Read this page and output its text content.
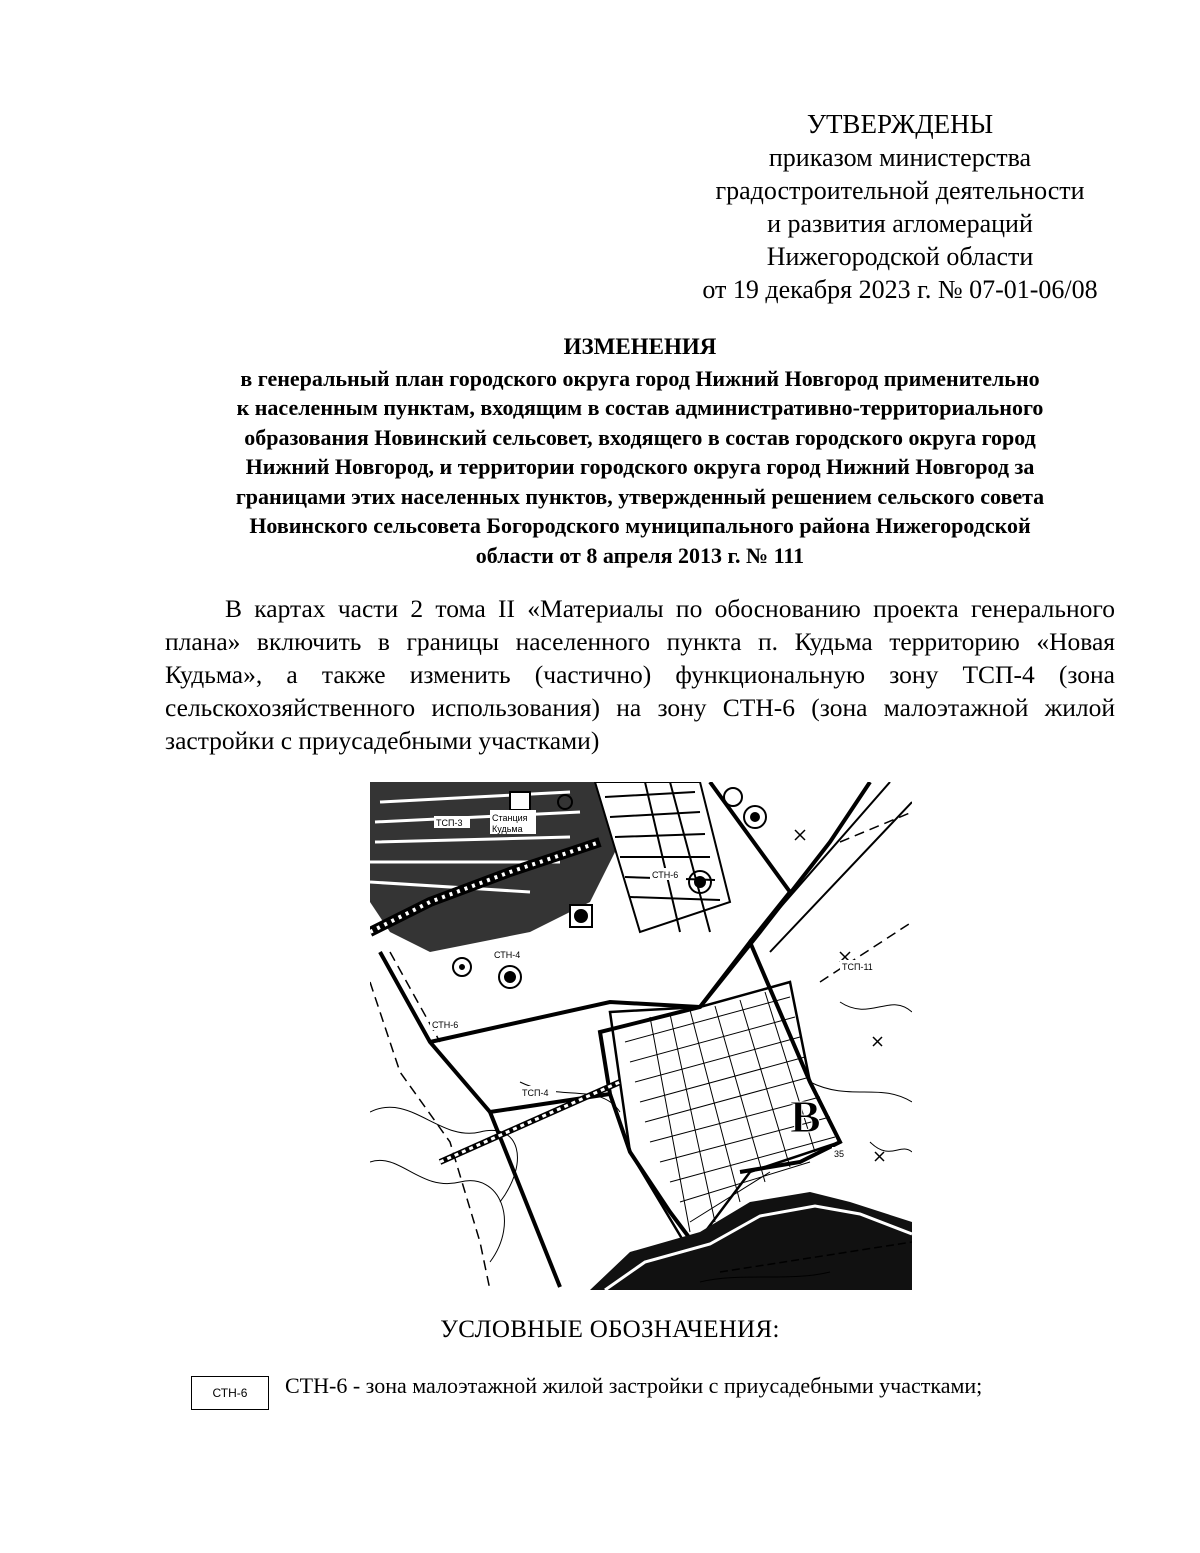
УТВЕРЖДЕНЫ
приказом министерства
градостроительной деятельности
и развития агломераций
Нижегородской области
от 19 декабря 2023 г. № 07-01-06/08
ИЗМЕНЕНИЯ
в генеральный план городского округа город Нижний Новгород применительно
к населенным пунктам, входящим в состав административно-территориального
образования Новинский сельсовет, входящего в состав городского округа город
Нижний Новгород, и территории городского округа город Нижний Новгород за
границами этих населенных пунктов, утвержденный решением сельского совета
Новинского сельсовета Богородского муниципального района Нижегородской
области от 8 апреля 2013 г. № 111
В картах части 2 тома II «Материалы по обоснованию проекта генерального плана» включить в границы населенного пункта п. Кудьма территорию «Новая Кудьма», а также изменить (частично) функциональную зону ТСП-4 (зона сельскохозяйственного использования) на зону СТН-6 (зона малоэтажной жилой застройки с приусадебными участками)
В
Станция
Кудьма
ТСП-3
СТН-6
СТН-4
СТН-6
ТСП-4
ТСП-11
35
УСЛОВНЫЕ ОБОЗНАЧЕНИЯ:
СТН-6	СТН-6 - зона малоэтажной жилой застройки с приусадебными участками;
